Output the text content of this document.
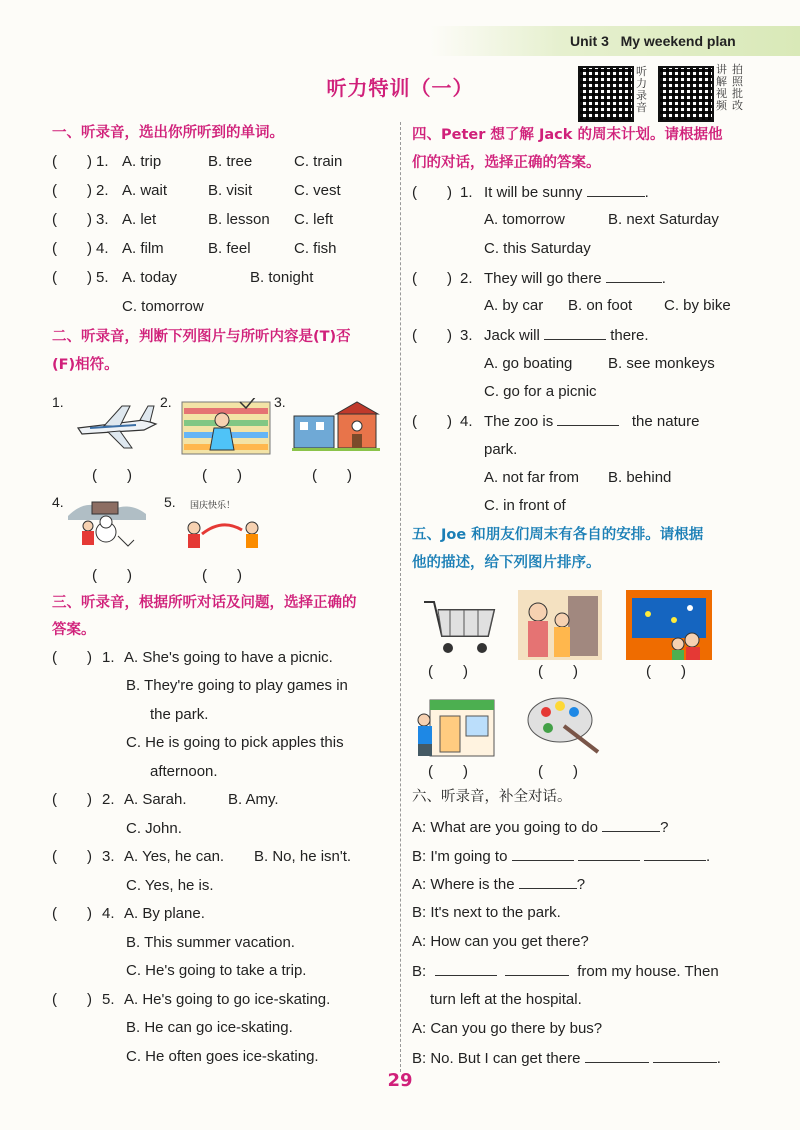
Unit 3 My weekend plan
听力特训（一）
听力录音
讲解视频
拍照批改
一、听录音，选出你所听到的单词。
(　　) 1. A. trip	B. tree	C. train
(　　) 2. A. wait	B. visit	C. vest
(　　) 3. A. let	B. lesson C. left
(　　) 4. A. film	B. feel	C. fish
(　　) 5. A. today	B. tonight
C. tomorrow
二、听录音，判断下列图片与所听内容是(T)否
(F)相符。
1.	2.	3.
(　　)	(　　)	(　　)
4.	5. 国庆快乐！
(　　)	(　　)
三、听录音，根据所听对话及问题，选择正确的
答案。
(　　) 1. A. She's going to have a picnic.
B. They're going to play games in
the park.
C. He is going to pick apples this
afternoon.
(　　) 2. A. Sarah.	B. Amy.
C. John.
(　　) 3. A. Yes, he can. B. No, he isn't.
C. Yes, he is.
(　　) 4. A. By plane.
B. This summer vacation.
C. He's going to take a trip.
(　　) 5. A. He's going to go ice-skating.
B. He can go ice-skating.
C. He often goes ice-skating.
四、Peter 想了解 Jack 的周末计划。请根据他
们的对话，选择正确的答案。
(　　) 1. It will be sunny	.
A. tomorrow	B. next Saturday
C. this Saturday
(　　) 2. They will go there	.
A. by car B. on foot C. by bike
(　　) 3. Jack will	there.
A. go boating B. see monkeys
C. go for a picnic
(　　) 4. The zoo is	the nature
park.
A. not far from B. behind
C. in front of
五、Joe 和朋友们周末有各自的安排。请根据
他的描述，给下列图片排序。
(　　)	(　　)	(　　)
(　　)	(　　)
六、听录音，补全对话。
A: What are you going to do	?
B: I'm going to	.
A: Where is the	?
B: It's next to the park.
A: How can you get there?
B:	from my house. Then
turn left at the hospital.
A: Can you go there by bus?
B: No. But I can get there	.
29
